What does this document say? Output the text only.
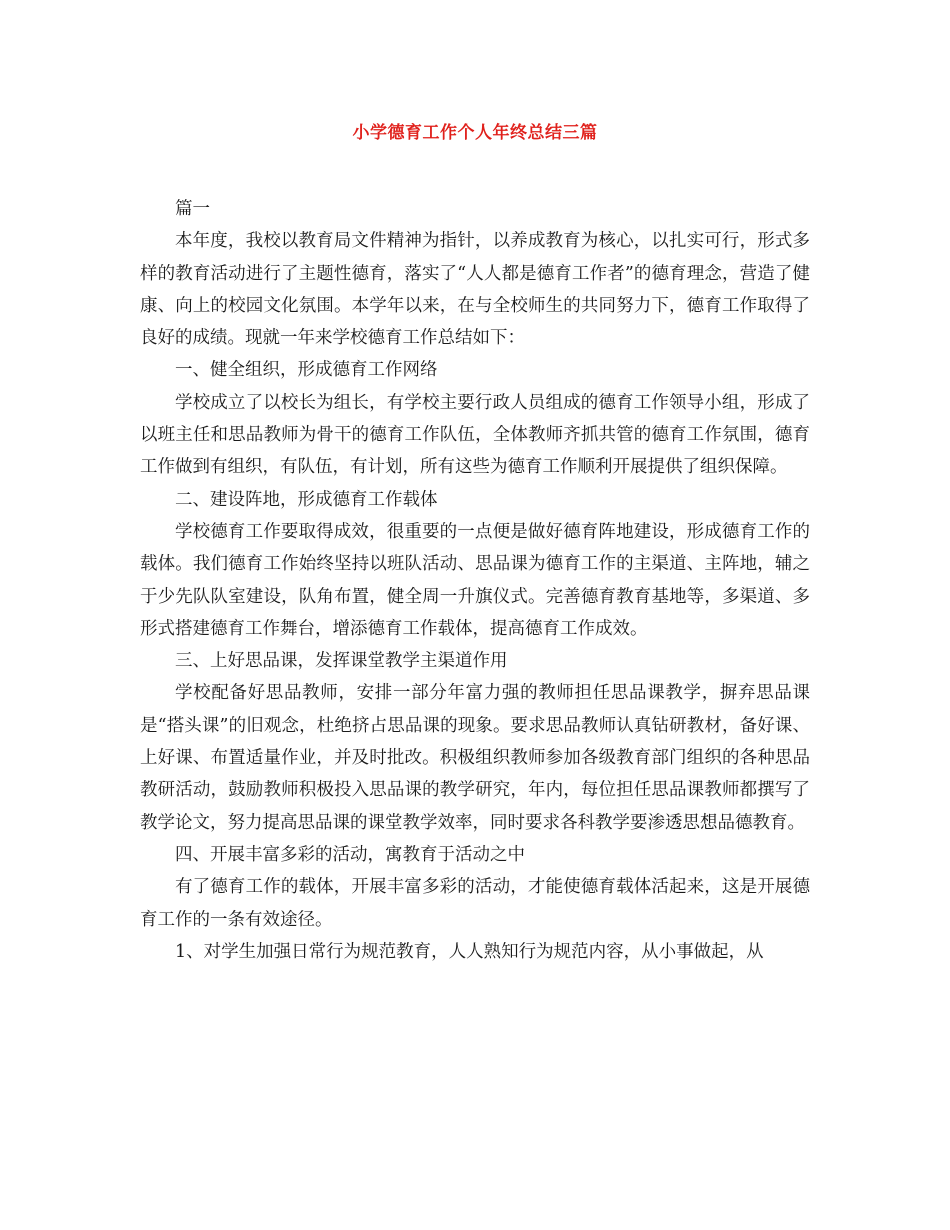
小学德育工作个人年终总结三篇

篇一

本年度，我校以教育局文件精神为指针，以养成教育为核心，以扎实可行，形式多样的教育活动进行了主题性德育，落实了“人人都是德育工作者”的德育理念，营造了健康、向上的校园文化氛围。本学年以来，在与全校师生的共同努力下，德育工作取得了良好的成绩。现就一年来学校德育工作总结如下：

一、健全组织，形成德育工作网络

学校成立了以校长为组长，有学校主要行政人员组成的德育工作领导小组，形成了以班主任和思品教师为骨干的德育工作队伍，全体教师齐抓共管的德育工作氛围，德育工作做到有组织，有队伍，有计划，所有这些为德育工作顺利开展提供了组织保障。

二、建设阵地，形成德育工作载体

学校德育工作要取得成效，很重要的一点便是做好德育阵地建设，形成德育工作的载体。我们德育工作始终坚持以班队活动、思品课为德育工作的主渠道、主阵地，辅之于少先队队室建设，队角布置，健全周一升旗仪式。完善德育教育基地等，多渠道、多形式搭建德育工作舞台，增添德育工作载体，提高德育工作成效。

三、上好思品课，发挥课堂教学主渠道作用

学校配备好思品教师，安排一部分年富力强的教师担任思品课教学，摒弃思品课是“搭头课”的旧观念，杜绝挤占思品课的现象。要求思品教师认真钻研教材，备好课、上好课、布置适量作业，并及时批改。积极组织教师参加各级教育部门组织的各种思品教研活动，鼓励教师积极投入思品课的教学研究，年内，每位担任思品课教师都撰写了教学论文，努力提高思品课的课堂教学效率，同时要求各科教学要渗透思想品德教育。

四、开展丰富多彩的活动，寓教育于活动之中

有了德育工作的载体，开展丰富多彩的活动，才能使德育载体活起来，这是开展德育工作的一条有效途径。

1、对学生加强日常行为规范教育，人人熟知行为规范内容，从小事做起，从
